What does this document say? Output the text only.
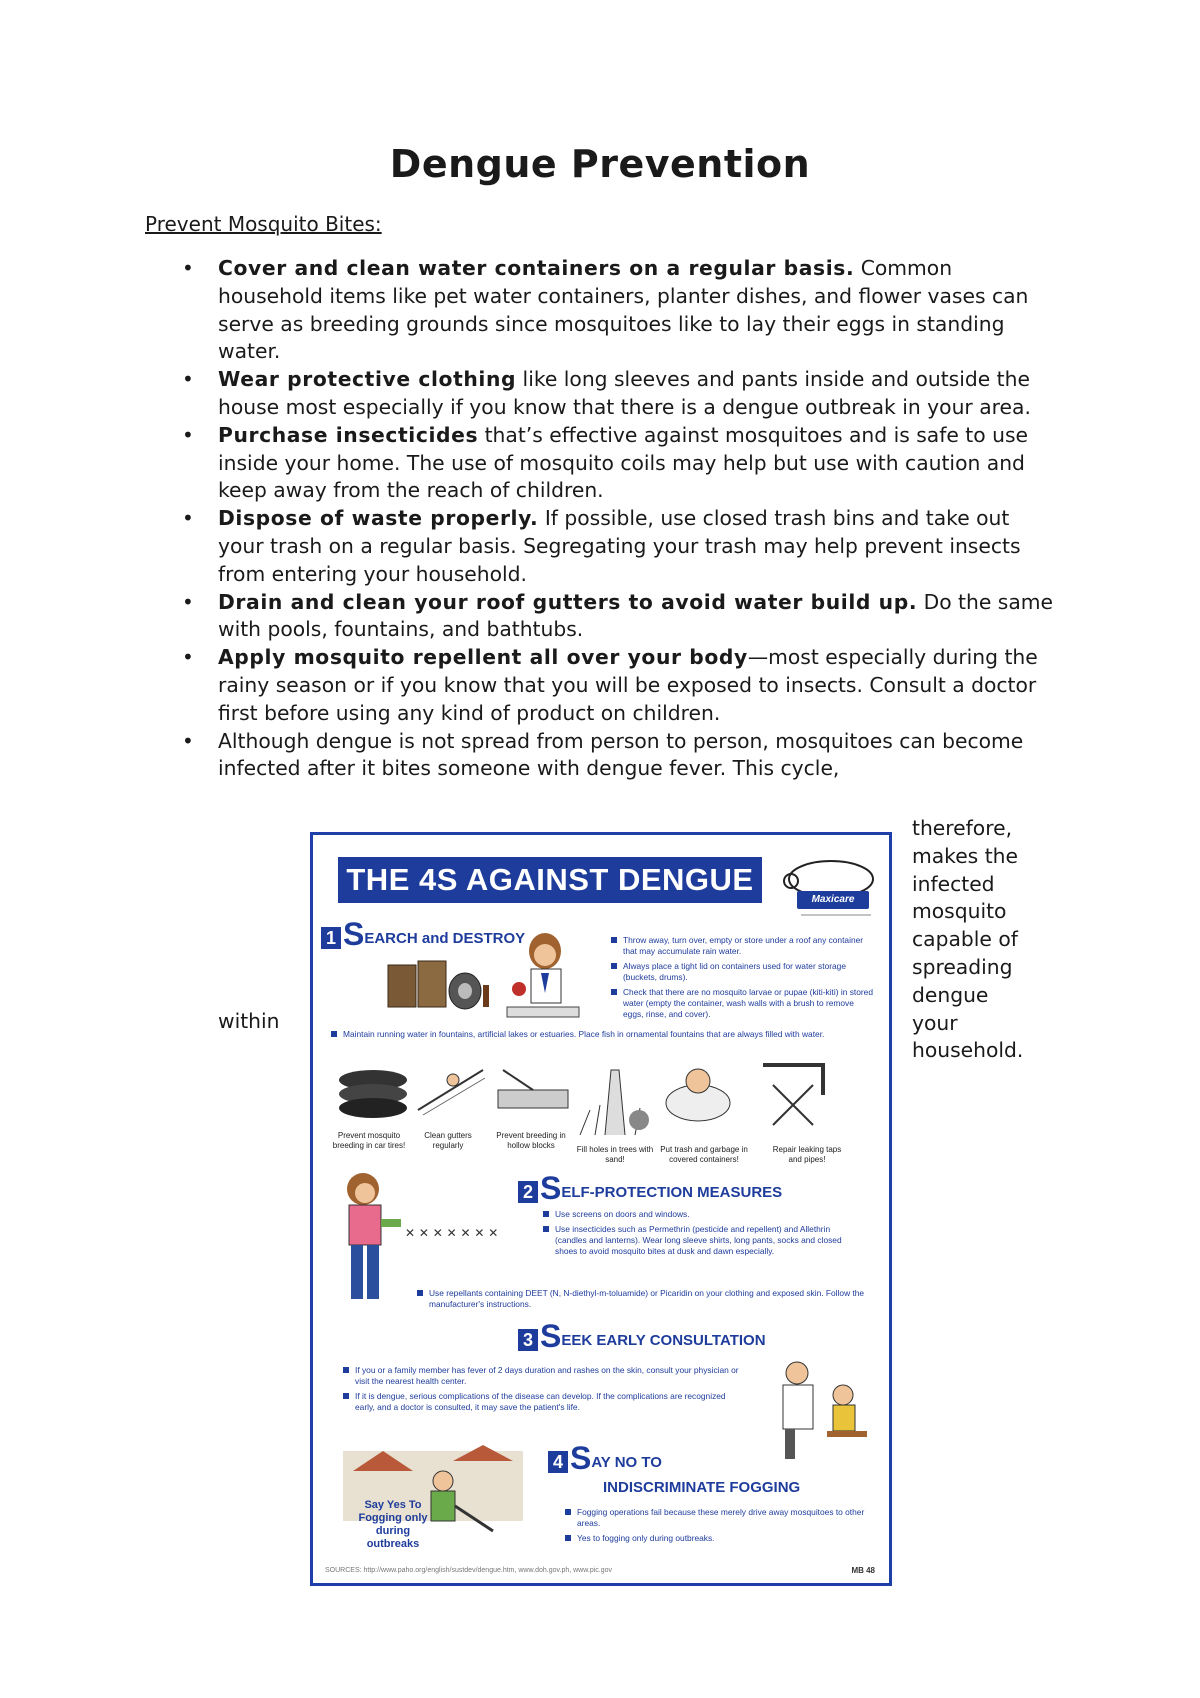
Dengue Prevention
Prevent Mosquito Bites:
• Cover and clean water containers on a regular basis. Common household items like pet water containers, planter dishes, and flower vases can serve as breeding grounds since mosquitoes like to lay their eggs in standing water.
• Wear protective clothing like long sleeves and pants inside and outside the house most especially if you know that there is a dengue outbreak in your area.
• Purchase insecticides that’s effective against mosquitoes and is safe to use inside your home. The use of mosquito coils may help but use with caution and keep away from the reach of children.
• Dispose of waste properly. If possible, use closed trash bins and take out your trash on a regular basis. Segregating your trash may help prevent insects from entering your household.
• Drain and clean your roof gutters to avoid water build up. Do the same with pools, fountains, and bathtubs.
• Apply mosquito repellent all over your body—most especially during the rainy season or if you know that you will be exposed to insects. Consult a doctor first before using any kind of product on children.
• Although dengue is not spread from person to person, mosquitoes can become infected after it bites someone with dengue fever. This cycle,
therefore,
makes the
infected
mosquito
capable of
spreading
dengue
your
household.
within
THE 4S AGAINST DENGUE
Maxicare
1 S EARCH and DESTROY	Throw away, turn over, empty or store under a roof any container that may accumulate rain water.
Always place a tight lid on containers used for water storage (buckets, drums).
Check that there are no mosquito larvae or pupae (kiti-kiti) in stored water (empty the container, wash walls with a brush to remove eggs, rinse, and cover).
Maintain running water in fountains, artificial lakes or estuaries. Place fish in ornamental fountains that are always filled with water.
Prevent mosquito breeding in car tires!
Clean gutters regularly
Prevent breeding in hollow blocks	Fill holes in trees with sand!
Put trash and garbage in covered containers!
Repair leaking taps and pipes!
2 S ELF-PROTECTION MEASURES
✕ ✕ ✕ ✕ ✕ ✕ ✕
Use screens on doors and windows.
Use insecticides such as Permethrin (pesticide and repellent) and Allethrin (candles and lanterns). Wear long sleeve shirts, long pants, socks and closed shoes to avoid mosquito bites at dusk and dawn especially.
Use repellants containing DEET (N, N-diethyl-m-toluamide) or Picaridin on your clothing and exposed skin. Follow the manufacturer's instructions.
3 S EEK EARLY CONSULTATION
If you or a family member has fever of 2 days duration and rashes on the skin, consult your physician or visit the nearest health center.
If it is dengue, serious complications of the disease can develop. If the complications are recognized early, and a doctor is consulted, it may save the patient's life.
Say Yes To Fogging only during outbreaks
4 S AY NO TO
INDISCRIMINATE FOGGING
Fogging operations fail because these merely drive away mosquitoes to other areas.
Yes to fogging only during outbreaks.
SOURCES: http://www.paho.org/english/sustdev/dengue.htm, www.doh.gov.ph, www.pic.gov	MB 48
